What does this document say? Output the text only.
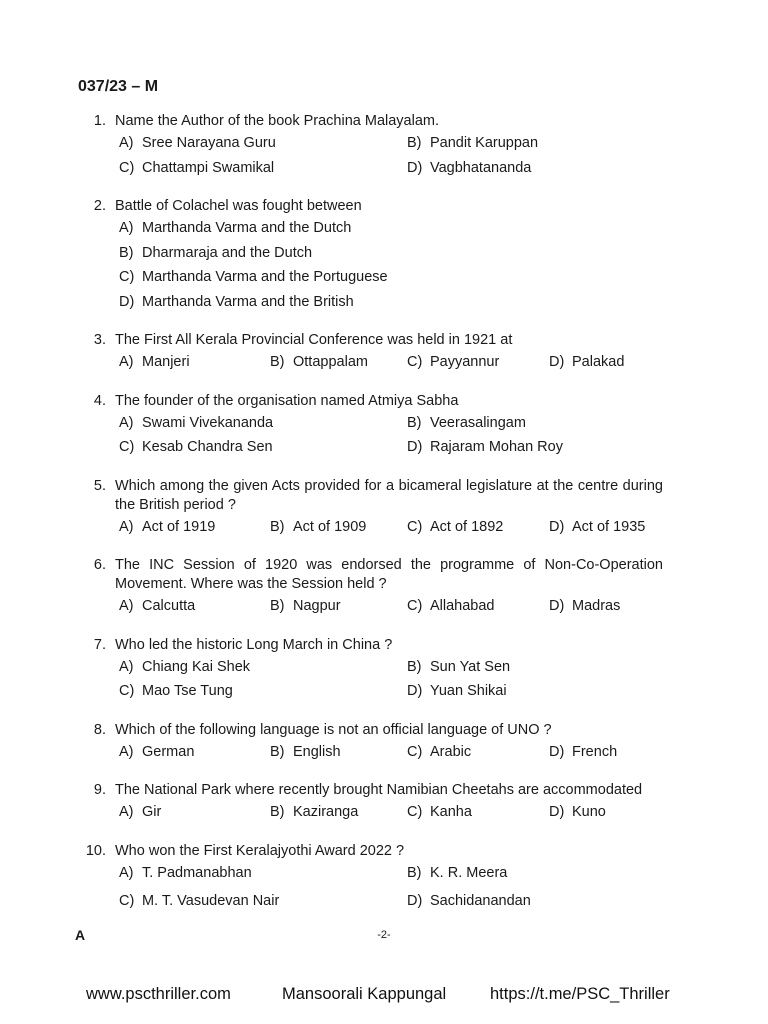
037/23 – M
1. Name the Author of the book Prachina Malayalam.
A) Sree Narayana Guru	B) Pandit Karuppan
C) Chattampi Swamikal	D) Vagbhatananda
2. Battle of Colachel was fought between
A) Marthanda Varma and the Dutch
B) Dharmaraja and the Dutch
C) Marthanda Varma and the Portuguese
D) Marthanda Varma and the British
3. The First All Kerala Provincial Conference was held in 1921 at
A) Manjeri	B) Ottappalam	C) Payyannur	D) Palakad
4. The founder of the organisation named Atmiya Sabha
A) Swami Vivekananda	B) Veerasalingam
C) Kesab Chandra Sen	D) Rajaram Mohan Roy
5. Which among the given Acts provided for a bicameral legislature at the centre during the British period ?
A) Act of 1919	B) Act of 1909	C) Act of 1892	D) Act of 1935
6. The INC Session of 1920 was endorsed the programme of Non-Co-Operation Movement. Where was the Session held ?
A) Calcutta	B) Nagpur	C) Allahabad	D) Madras
7. Who led the historic Long March in China ?
A) Chiang Kai Shek	B) Sun Yat Sen
C) Mao Tse Tung	D) Yuan Shikai
8. Which of the following language is not an official language of UNO ?
A) German	B) English	C) Arabic	D) French
9. The National Park where recently brought Namibian Cheetahs are accommodated
A) Gir	B) Kaziranga	C) Kanha	D) Kuno
10. Who won the First Keralajyothi Award 2022 ?
A) T. Padmanabhan	B) K. R. Meera
C) M. T. Vasudevan Nair	D) Sachidanandan
A	-2-
www.pscthriller.com	Mansoorali Kappungal	https://t.me/PSC_Thriller
